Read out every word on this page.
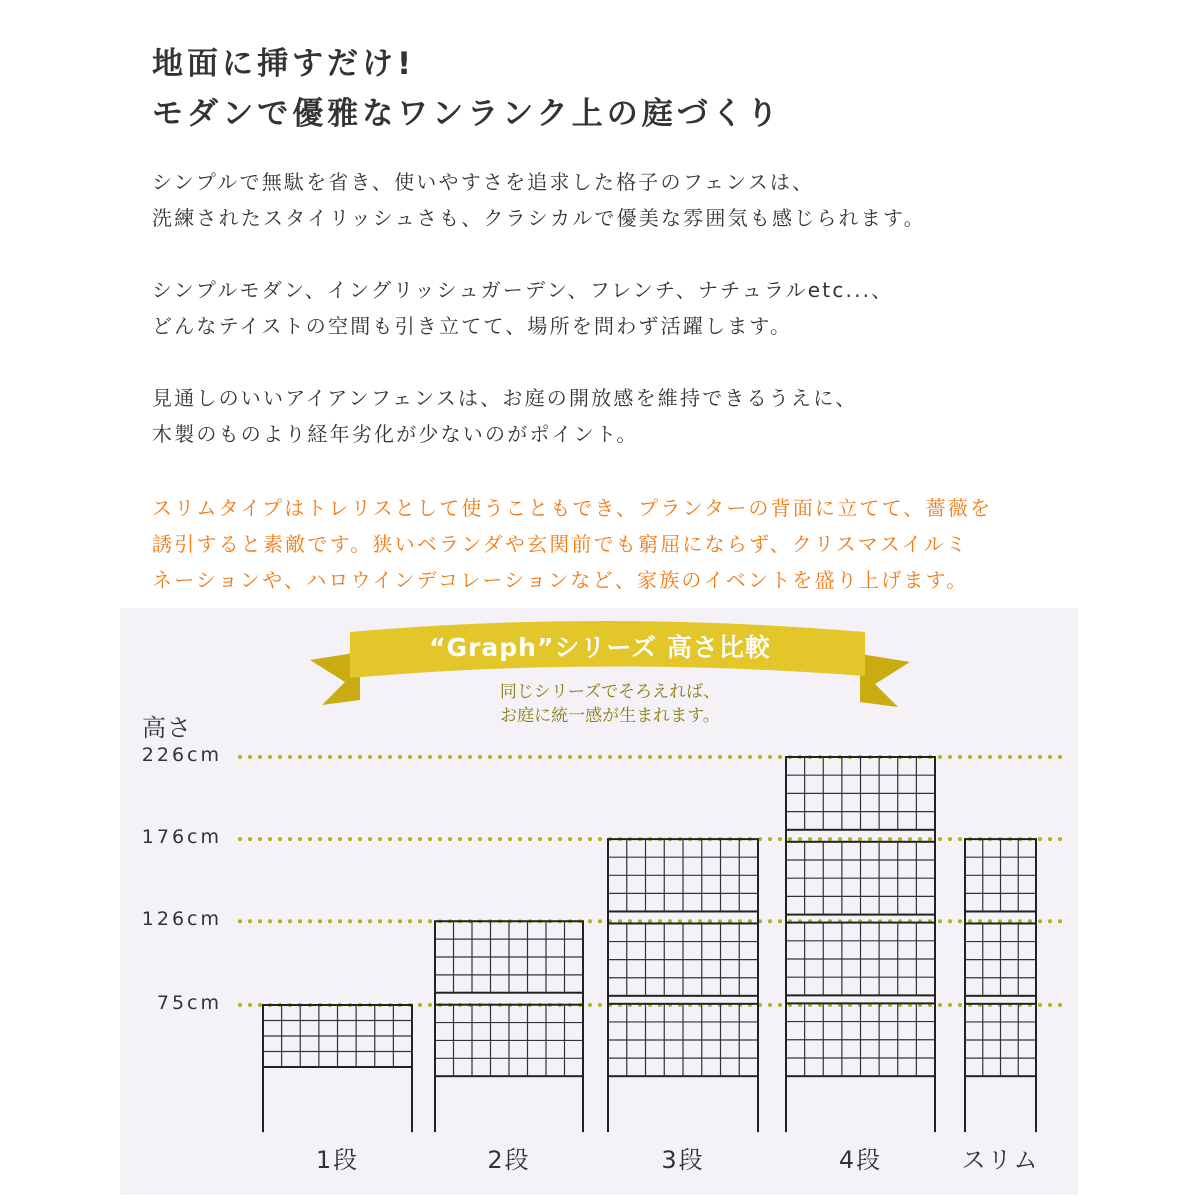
地面に挿すだけ!
モダンで優雅なワンランク上の庭づくり
シンプルで無駄を省き、使いやすさを追求した格子のフェンスは、
洗練されたスタイリッシュさも、クラシカルで優美な雰囲気も感じられます。
シンプルモダン、イングリッシュガーデン、フレンチ、ナチュラルetc...、
どんなテイストの空間も引き立てて、場所を問わず活躍します。
見通しのいいアイアンフェンスは、お庭の開放感を維持できるうえに、
木製のものより経年劣化が少ないのがポイント。
スリムタイプはトレリスとして使うこともでき、プランターの背面に立てて、薔薇を
誘引すると素敵です。狭いベランダや玄関前でも窮屈にならず、クリスマスイルミ
ネーションや、ハロウインデコレーションなど、家族のイベントを盛り上げます。
“Graph”シリーズ 高さ比較
同じシリーズでそろえれば、
お庭に統一感が生まれます。
高さ
226cm
176cm
126cm
75cm
1段	2段	3段	4段	スリム
